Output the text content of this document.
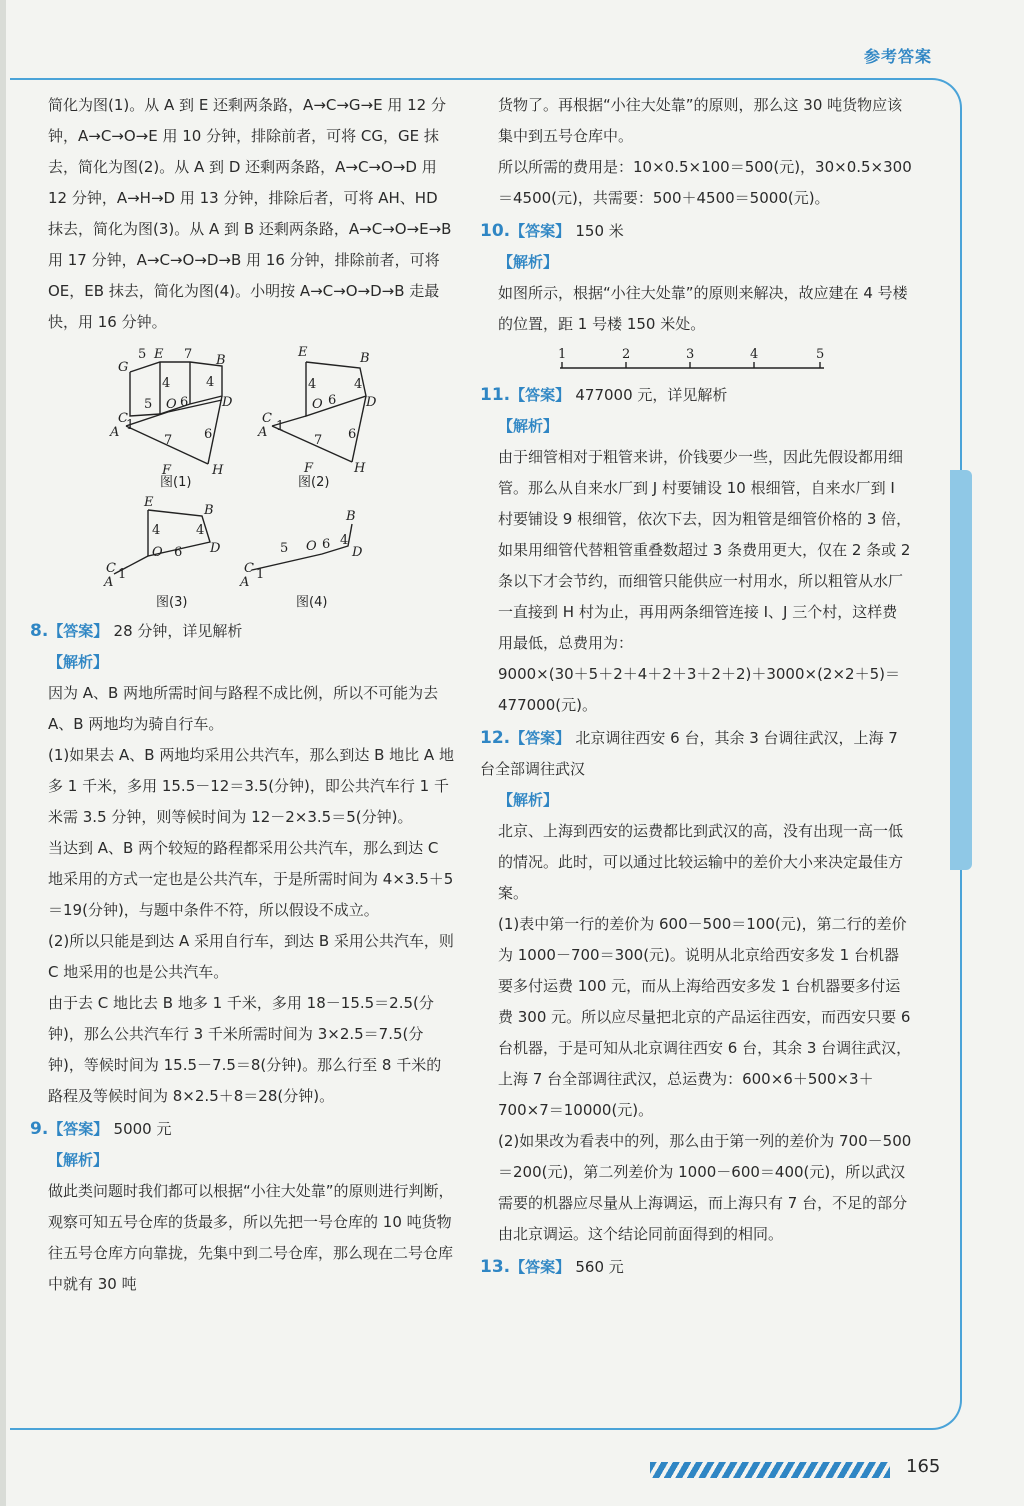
参考答案

简化为图(1)。从 A 到 E 还剩两条路，A→C→G→E 用 12 分钟，A→C→O→E 用 10 分钟，排除前者，可将 CG，GE 抹去，简化为图(2)。从 A 到 D 还剩两条路，A→C→O→D 用 12 分钟，A→H→D 用 13 分钟，排除后者，可将 AH、HD 抹去，简化为图(3)。从 A 到 B 还剩两条路，A→C→O→E→B 用 17 分钟，A→C→O→D→B 用 16 分钟，排除前者，可将 OE，EB 抹去，简化为图(4)。小明按 A→C→O→D→B 走最快，用 16 分钟。

G
5 E 7 B
4	4
D
O 6
5
C
A 1
7 6
F	H
图(1)
E	B
4	4
D
O 6
C
A 1
7 6
F	H
图(2)
E
B
4	4
D
O 6
C
A
1
图(3)
B
4
D
O 6
5
C
A
1
图(4)
8.【答案】 28 分钟，详见解析
【解析】

因为 A、B 两地所需时间与路程不成比例，所以不可能为去 A、B 两地均为骑自行车。

(1)如果去 A、B 两地均采用公共汽车，那么到达 B 地比 A 地多 1 千米，多用 15.5－12＝3.5(分钟)，即公共汽车行 1 千米需 3.5 分钟，则等候时间为 12－2×3.5＝5(分钟)。

当达到 A、B 两个较短的路程都采用公共汽车，那么到达 C 地采用的方式一定也是公共汽车，于是所需时间为 4×3.5＋5＝19(分钟)，与题中条件不符，所以假设不成立。

(2)所以只能是到达 A 采用自行车，到达 B 采用公共汽车，则 C 地采用的也是公共汽车。

由于去 C 地比去 B 地多 1 千米，多用 18－15.5＝2.5(分钟)，那么公共汽车行 3 千米所需时间为 3×2.5＝7.5(分钟)，等候时间为 15.5－7.5＝8(分钟)。那么行至 8 千米的路程及等候时间为 8×2.5＋8＝28(分钟)。

9.【答案】 5000 元
【解析】

做此类问题时我们都可以根据“小往大处靠”的原则进行判断，观察可知五号仓库的货最多，所以先把一号仓库的 10 吨货物往五号仓库方向靠拢，先集中到二号仓库，那么现在二号仓库中就有 30 吨

货物了。再根据“小往大处靠”的原则，那么这 30 吨货物应该集中到五号仓库中。

所以所需的费用是：10×0.5×100＝500(元)，30×0.5×300＝4500(元)，共需要：500＋4500＝5000(元)。

10.【答案】 150 米
【解析】

如图所示，根据“小往大处靠”的原则来解决，故应建在 4 号楼的位置，距 1 号楼 150 米处。

1	2	3	4	5
11.【答案】 477000 元，详见解析
【解析】

由于细管相对于粗管来讲，价钱要少一些，因此先假设都用细管。那么从自来水厂到 J 村要铺设 10 根细管，自来水厂到 I 村要铺设 9 根细管，依次下去，因为粗管是细管价格的 3 倍，如果用细管代替粗管重叠数超过 3 条费用更大，仅在 2 条或 2 条以下才会节约，而细管只能供应一村用水，所以粗管从水厂一直接到 H 村为止，再用两条细管连接 I、J 三个村，这样费用最低，总费用为：

9000×(30＋5＋2＋4＋2＋3＋2＋2)＋3000×(2×2＋5)＝477000(元)。

12.【答案】 北京调往西安 6 台，其余 3 台调往武汉，上海 7 台全部调往武汉
【解析】

北京、上海到西安的运费都比到武汉的高，没有出现一高一低的情况。此时，可以通过比较运输中的差价大小来决定最佳方案。

(1)表中第一行的差价为 600－500＝100(元)，第二行的差价为 1000－700＝300(元)。说明从北京给西安多发 1 台机器要多付运费 100 元，而从上海给西安多发 1 台机器要多付运费 300 元。所以应尽量把北京的产品运往西安，而西安只要 6 台机器，于是可知从北京调往西安 6 台，其余 3 台调往武汉，上海 7 台全部调往武汉，总运费为：600×6＋500×3＋700×7＝10000(元)。

(2)如果改为看表中的列，那么由于第一列的差价为 700－500＝200(元)，第二列差价为 1000－600＝400(元)，所以武汉需要的机器应尽量从上海调运，而上海只有 7 台，不足的部分由北京调运。这个结论同前面得到的相同。

13.【答案】 560 元
165
